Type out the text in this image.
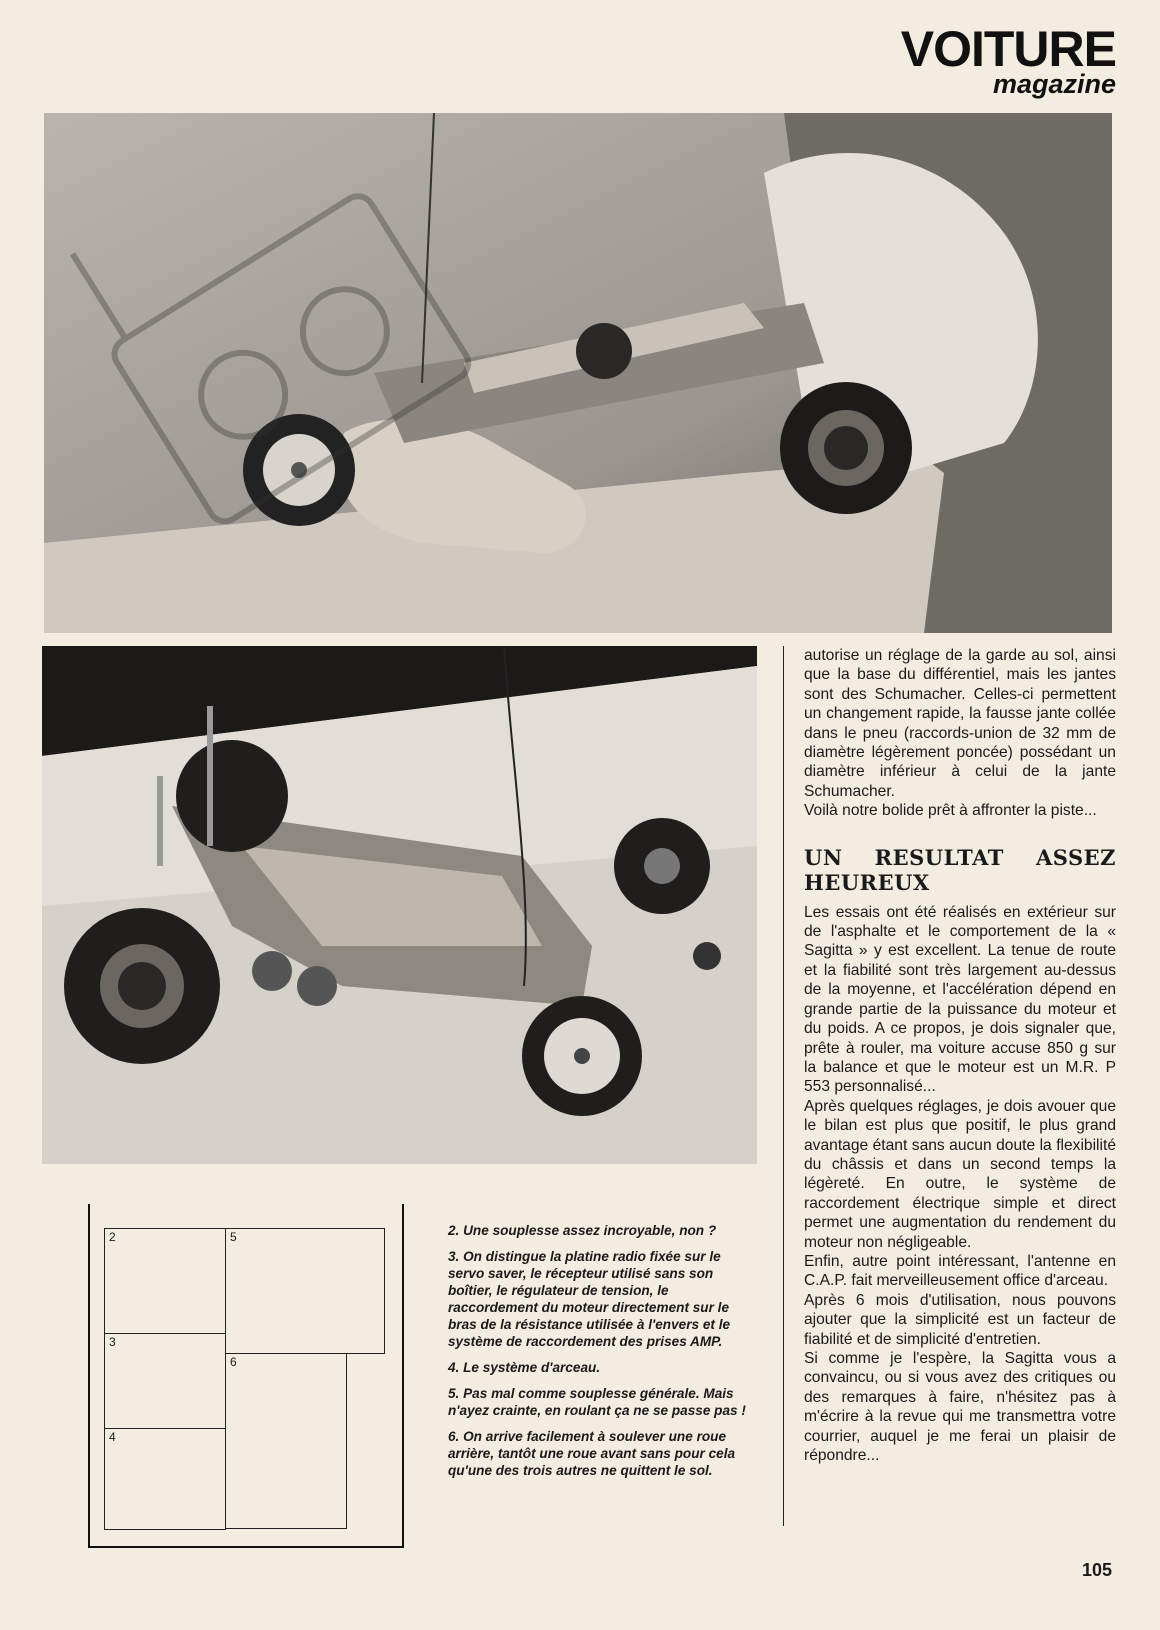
VOITURE
magazine

autorise un réglage de la garde au sol, ainsi que la base du différentiel, mais les jantes sont des Schumacher. Celles-ci permettent un changement rapide, la fausse jante collée dans le pneu (raccords-union de 32 mm de diamètre légèrement poncée) possédant un diamètre inférieur à celui de la jante Schumacher.

Voilà notre bolide prêt à affronter la piste...

UN RESULTAT ASSEZ HEUREUX

Les essais ont été réalisés en extérieur sur de l'asphalte et le comportement de la « Sagitta » y est excellent. La tenue de route et la fiabilité sont très largement au-dessus de la moyenne, et l'accélération dépend en grande partie de la puissance du moteur et du poids. A ce propos, je dois signaler que, prête à rouler, ma voiture accuse 850 g sur la balance et que le moteur est un M.R. P 553 personnalisé...

Après quelques réglages, je dois avouer que le bilan est plus que positif, le plus grand avantage étant sans aucun doute la flexibilité du châssis et dans un second temps la légèreté. En outre, le système de raccordement électrique simple et direct permet une augmentation du rendement du moteur non négligeable.

Enfin, autre point intéressant, l'antenne en C.A.P. fait merveilleusement office d'arceau.

Après 6 mois d'utilisation, nous pouvons ajouter que la simplicité est un facteur de fiabilité et de simplicité d'entretien.

Si comme je l'espère, la Sagitta vous a convaincu, ou si vous avez des critiques ou des remarques à faire, n'hésitez pas à m'écrire à la revue qui me transmettra votre courrier, auquel je me ferai un plaisir de répondre...

2
3
4
5
6

2. Une souplesse assez incroyable, non ?

3. On distingue la platine radio fixée sur le servo saver, le récepteur utilisé sans son boîtier, le régulateur de tension, le raccordement du moteur directement sur le bras de la résistance utilisée à l'envers et le système de raccordement des prises AMP.

4. Le système d'arceau.

5. Pas mal comme souplesse générale. Mais n'ayez crainte, en roulant ça ne se passe pas !

6. On arrive facilement à soulever une roue arrière, tantôt une roue avant sans pour cela qu'une des trois autres ne quittent le sol.

105
